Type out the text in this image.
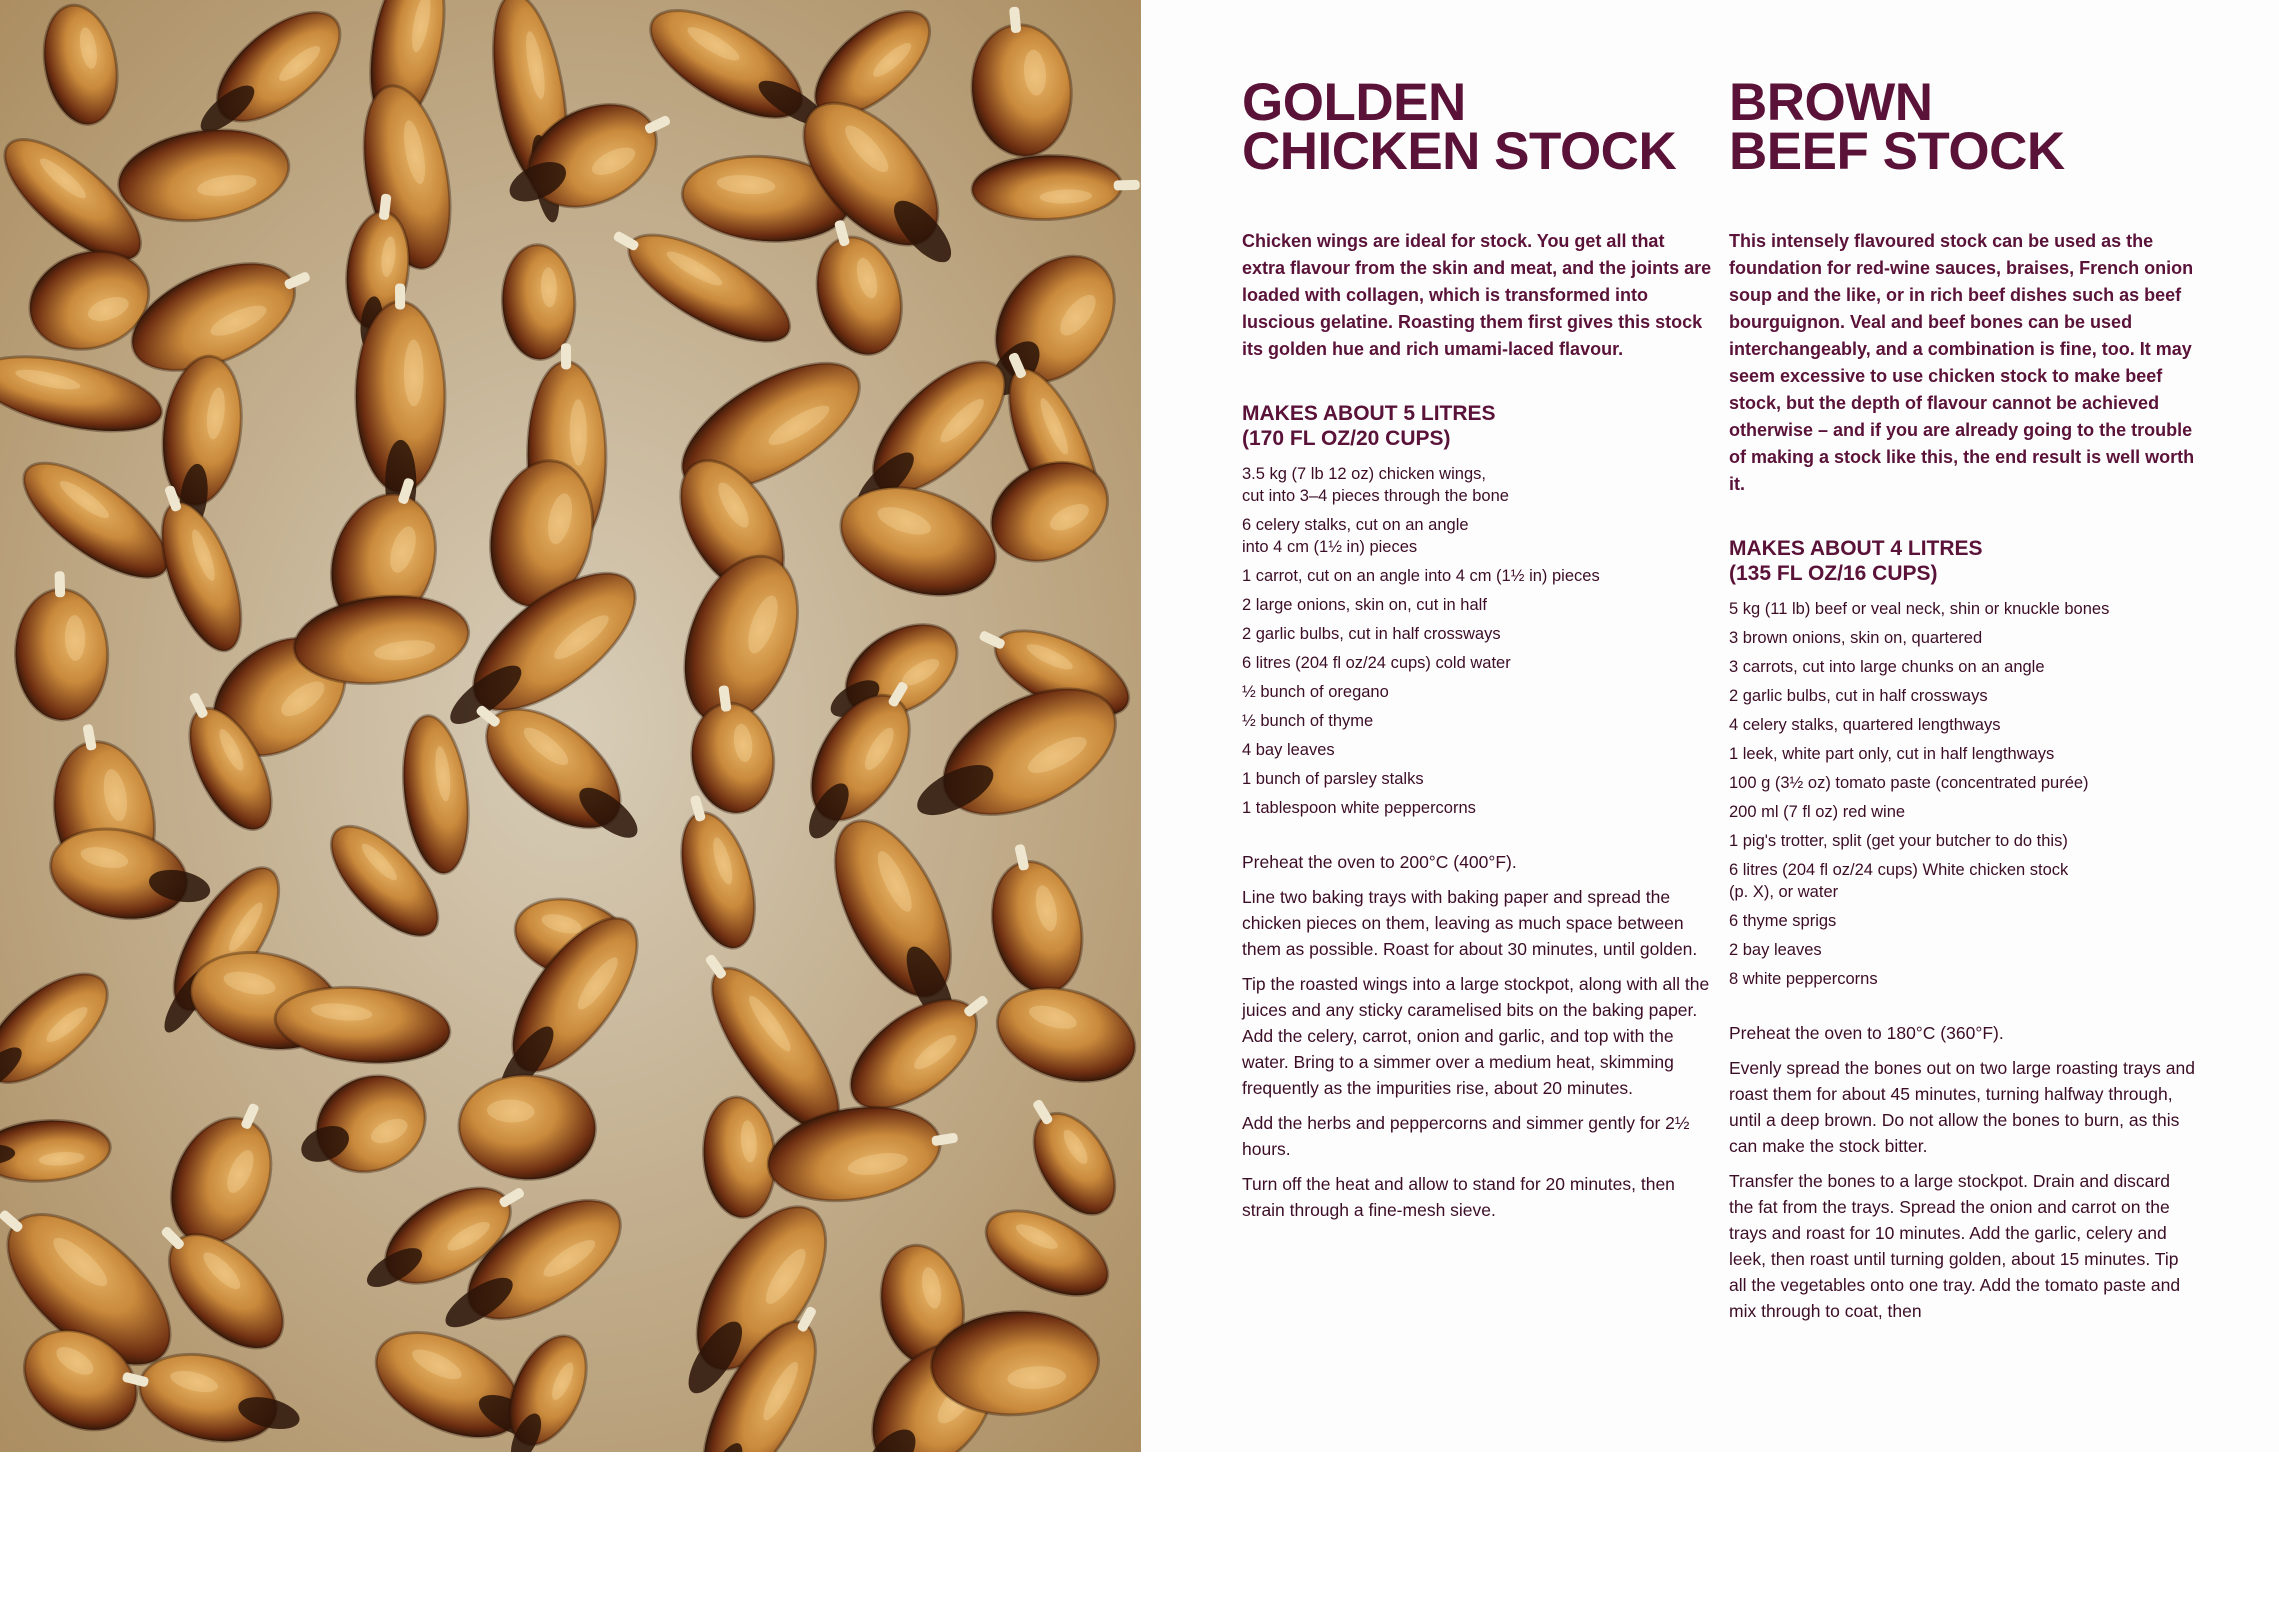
GOLDEN
CHICKEN STOCK

Chicken wings are ideal for stock. You get all that extra flavour from the skin and meat, and the joints are loaded with collagen, which is transformed into luscious gelatine. Roasting them first gives this stock its golden hue and rich umami-laced flavour.

MAKES ABOUT 5 LITRES
(170 FL OZ/20 CUPS)
3.5 kg (7 lb 12 oz) chicken wings,
cut into 3–4 pieces through the bone
6 celery stalks, cut on an angle
into 4 cm (1½ in) pieces
1 carrot, cut on an angle into 4 cm (1½ in) pieces
2 large onions, skin on, cut in half
2 garlic bulbs, cut in half crossways
6 litres (204 fl oz/24 cups) cold water
½ bunch of oregano
½ bunch of thyme
4 bay leaves
1 bunch of parsley stalks
1 tablespoon white peppercorns

Preheat the oven to 200°C (400°F).

Line two baking trays with baking paper and spread the chicken pieces on them, leaving as much space between them as possible. Roast for about 30 minutes, until golden.

Tip the roasted wings into a large stockpot, along with all the juices and any sticky caramelised bits on the baking paper. Add the celery, carrot, onion and garlic, and top with the water. Bring to a simmer over a medium heat, skimming frequently as the impurities rise, about 20 minutes.

Add the herbs and peppercorns and simmer gently for 2½ hours.

Turn off the heat and allow to stand for 20 minutes, then strain through a fine-mesh sieve.

BROWN
BEEF STOCK

This intensely flavoured stock can be used as the foundation for red-wine sauces, braises, French onion soup and the like, or in rich beef dishes such as beef bourguignon. Veal and beef bones can be used interchangeably, and a combination is fine, too. It may seem excessive to use chicken stock to make beef stock, but the depth of flavour cannot be achieved otherwise – and if you are already going to the trouble of making a stock like this, the end result is well worth it.

MAKES ABOUT 4 LITRES
(135 FL OZ/16 CUPS)
5 kg (11 lb) beef or veal neck, shin or knuckle bones
3 brown onions, skin on, quartered
3 carrots, cut into large chunks on an angle
2 garlic bulbs, cut in half crossways
4 celery stalks, quartered lengthways
1 leek, white part only, cut in half lengthways
100 g (3½ oz) tomato paste (concentrated purée)
200 ml (7 fl oz) red wine
1 pig's trotter, split (get your butcher to do this)
6 litres (204 fl oz/24 cups) White chicken stock
(p. X), or water
6 thyme sprigs
2 bay leaves
8 white peppercorns

Preheat the oven to 180°C (360°F).

Evenly spread the bones out on two large roasting trays and roast them for about 45 minutes, turning halfway through, until a deep brown. Do not allow the bones to burn, as this can make the stock bitter.

Transfer the bones to a large stockpot. Drain and discard the fat from the trays. Spread the onion and carrot on the trays and roast for 10 minutes. Add the garlic, celery and leek, then roast until turning golden, about 15 minutes. Tip all the vegetables onto one tray. Add the tomato paste and mix through to coat, then
